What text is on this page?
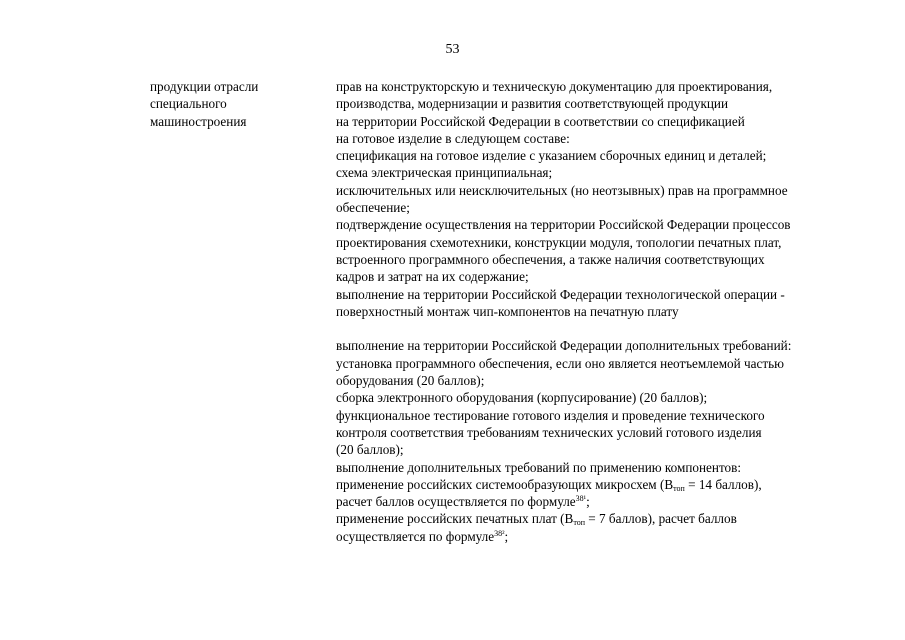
53
продукции отрасли
специального
машиностроения
прав на конструкторскую и техническую документацию для проектирования,
производства, модернизации и развития соответствующей продукции
на территории Российской Федерации в соответствии со спецификацией
на готовое изделие в следующем составе:
спецификация на готовое изделие с указанием сборочных единиц и деталей;
схема электрическая принципиальная;
исключительных или неисключительных (но неотзывных) прав на программное
обеспечение;
подтверждение осуществления на территории Российской Федерации процессов
проектирования схемотехники, конструкции модуля, топологии печатных плат,
встроенного программного обеспечения, а также наличия соответствующих
кадров и затрат на их содержание;
выполнение на территории Российской Федерации технологической операции -
поверхностный монтаж чип-компонентов на печатную плату
выполнение на территории Российской Федерации дополнительных требований:
установка программного обеспечения, если оно является неотъемлемой частью
оборудования (20 баллов);
сборка электронного оборудования (корпусирование) (20 баллов);
функциональное тестирование готового изделия и проведение технического
контроля соответствия требованиям технических условий готового изделия
(20 баллов);
выполнение дополнительных требований по применению компонентов:
применение российских системообразующих микросхем ($B_{топ} = 14$ баллов),
расчет баллов осуществляется по формуле$^{38^1}$;
применение российских печатных плат ($B_{топ} = 7$ баллов), расчет баллов
осуществляется по формуле$^{38^2}$;
